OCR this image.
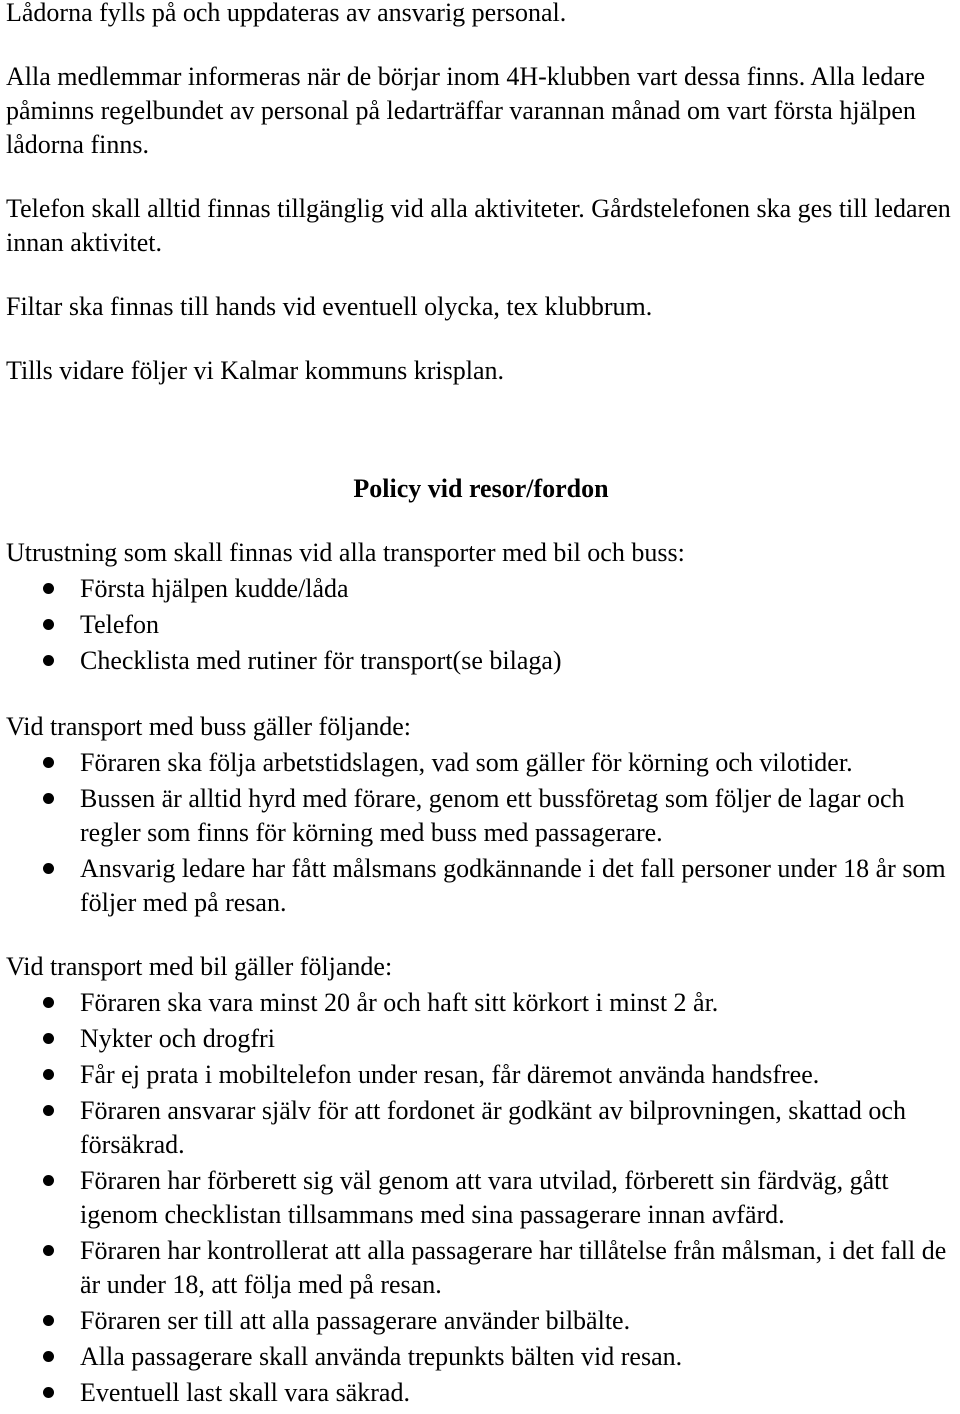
Lådorna fylls på och uppdateras av ansvarig personal.

Alla medlemmar informeras när de börjar inom 4H-klubben vart dessa finns. Alla ledare påminns regelbundet av personal på ledarträffar varannan månad om vart första hjälpen lådorna finns.

Telefon skall alltid finnas tillgänglig vid alla aktiviteter. Gårdstelefonen ska ges till ledaren innan aktivitet.

Filtar ska finnas till hands vid eventuell olycka, tex klubbrum.

Tills vidare följer vi Kalmar kommuns krisplan.

Policy vid resor/fordon

Utrustning som skall finnas vid alla transporter med bil och buss:

Första hjälpen kudde/låda
Telefon
Checklista med rutiner för transport(se bilaga)

Vid transport med buss gäller följande:

Föraren ska följa arbetstidslagen, vad som gäller för körning och vilotider.
Bussen är alltid hyrd med förare, genom ett bussföretag som följer de lagar och regler som finns för körning med buss med passagerare.
Ansvarig ledare har fått målsmans godkännande i det fall personer under 18 år som följer med på resan.

Vid transport med bil gäller följande:

Föraren ska vara minst 20 år och haft sitt körkort i minst 2 år.
Nykter och drogfri
Får ej prata i mobiltelefon under resan, får däremot använda handsfree.
Föraren ansvarar själv för att fordonet är godkänt av bilprovningen, skattad och försäkrad.
Föraren har förberett sig väl genom att vara utvilad, förberett sin färdväg, gått igenom checklistan tillsammans med sina passagerare innan avfärd.
Föraren har kontrollerat att alla passagerare har tillåtelse från målsman, i det fall de är under 18, att följa med på resan.
Föraren ser till att alla passagerare använder bilbälte.
Alla passagerare skall använda trepunkts bälten vid resan.
Eventuell last skall vara säkrad.
